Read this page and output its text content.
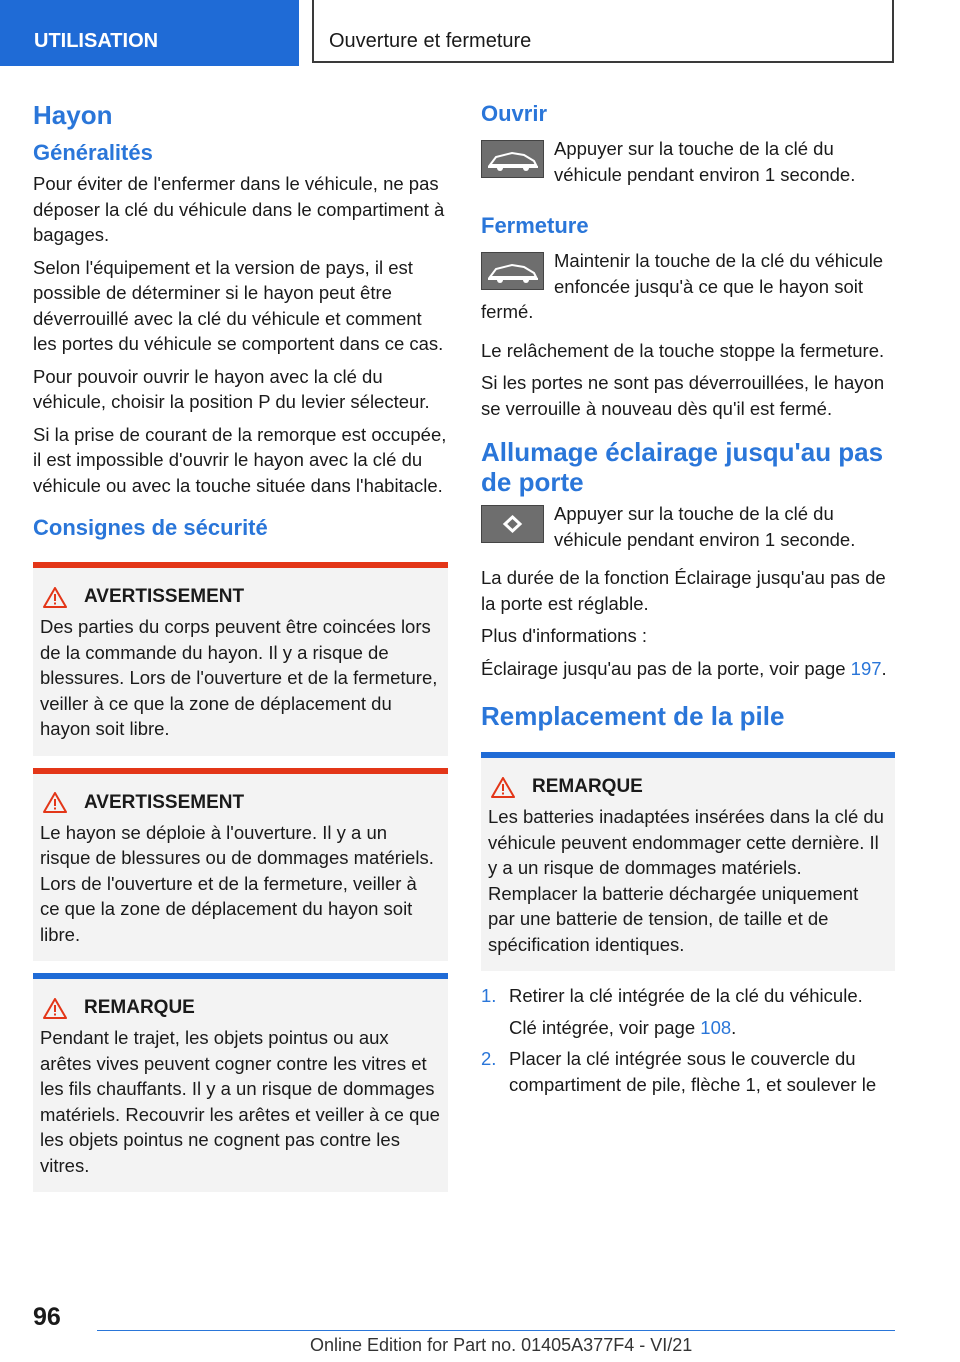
UTILISATION	Ouverture et fermeture
Hayon
Généralités

Pour éviter de l'enfermer dans le véhicule, ne pas déposer la clé du véhicule dans le compartiment à bagages.

Selon l'équipement et la version de pays, il est possible de déterminer si le hayon peut être déverrouillé avec la clé du véhicule et comment les portes du véhicule se comportent dans ce cas.

Pour pouvoir ouvrir le hayon avec la clé du véhicule, choisir la position P du levier sélecteur.

Si la prise de courant de la remorque est occupée, il est impossible d'ouvrir le hayon avec la clé du véhicule ou avec la touche située dans l'habitacle.

Consignes de sécurité
AVERTISSEMENT

Des parties du corps peuvent être coincées lors de la commande du hayon. Il y a risque de blessures. Lors de l'ouverture et de la fermeture, veiller à ce que la zone de déplacement du hayon soit libre.

AVERTISSEMENT

Le hayon se déploie à l'ouverture. Il y a un risque de blessures ou de dommages matériels. Lors de l'ouverture et de la fermeture, veiller à ce que la zone de déplacement du hayon soit libre.

REMARQUE

Pendant le trajet, les objets pointus ou aux arêtes vives peuvent cogner contre les vitres et les fils chauffants. Il y a un risque de dommages matériels. Recouvrir les arêtes et veiller à ce que les objets pointus ne cognent pas contre les vitres.

Ouvrir

Appuyer sur la touche de la clé du véhicule pendant environ 1 seconde.

Fermeture

Maintenir la touche de la clé du véhicule enfoncée jusqu'à ce que le hayon soit fermé.

Le relâchement de la touche stoppe la fermeture.

Si les portes ne sont pas déverrouillées, le hayon se verrouille à nouveau dès qu'il est fermé.

Allumage éclairage jusqu'au pas de porte

Appuyer sur la touche de la clé du véhicule pendant environ 1 seconde.

La durée de la fonction Éclairage jusqu'au pas de la porte est réglable.

Plus d'informations :

Éclairage jusqu'au pas de la porte, voir page 197.

Remplacement de la pile
REMARQUE

Les batteries inadaptées insérées dans la clé du véhicule peuvent endommager cette dernière. Il y a un risque de dommages matériels. Remplacer la batterie déchargée uniquement par une batterie de tension, de taille et de spécification identiques.

1. Retirer la clé intégrée de la clé du véhicule.
Clé intégrée, voir page 108.
2. Placer la clé intégrée sous le couvercle du compartiment de pile, flèche 1, et soulever le
96
Online Edition for Part no. 01405A377F4 - VI/21
